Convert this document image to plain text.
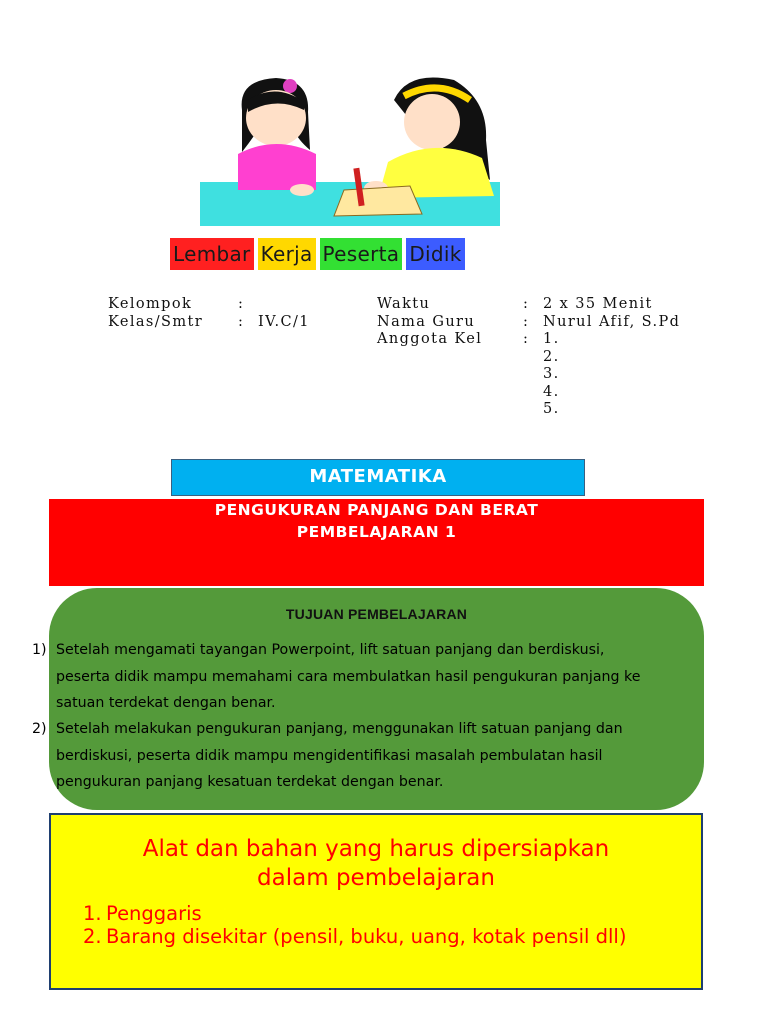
Lembar Kerja Peserta Didik
Kelompok	:
Kelas/Smtr : IV.C/1
Waktu	: 2 x 35 Menit
Nama Guru	: Nurul Afif, S.Pd
Anggota Kel	: 1.
2.
3.
4.
5.
MATEMATIKA
PENGUKURAN PANJANG DAN BERAT
PEMBELAJARAN 1
TUJUAN PEMBELAJARAN
1) Setelah mengamati tayangan Powerpoint, lift satuan panjang dan berdiskusi, peserta didik mampu memahami cara membulatkan hasil pengukuran panjang ke satuan terdekat dengan benar.
2) Setelah melakukan pengukuran panjang, menggunakan lift satuan panjang dan berdiskusi, peserta didik mampu mengidentifikasi masalah pembulatan hasil pengukuran panjang kesatuan terdekat dengan benar.
Alat dan bahan yang harus dipersiapkan
dalam pembelajaran
1. Penggaris
2. Barang disekitar (pensil, buku, uang, kotak pensil dll)
